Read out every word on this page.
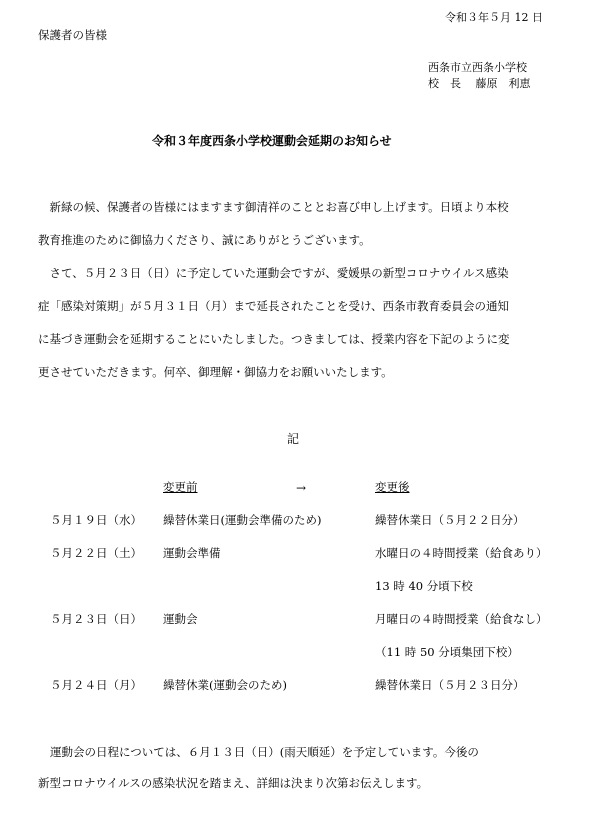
令和３年５月 12 日
保護者の皆様
西条市立西条小学校
校　長　 藤原　利恵
令和３年度西条小学校運動会延期のお知らせ
　新緑の候、保護者の皆様にはますます御清祥のこととお喜び申し上げます。日頃より本校
教育推進のために御協力くださり、誠にありがとうございます。
　さて、５月２３日（日）に予定していた運動会ですが、愛媛県の新型コロナウイルス感染
症「感染対策期」が５月３１日（月）まで延長されたことを受け、西条市教育委員会の通知
に基づき運動会を延期することにいたしました。つきましては、授業内容を下記のように変
更させていただきます。何卒、御理解・御協力をお願いいたします。
記
変更前	→	変更後
５月１９日（水） 繰替休業日(運動会準備のため)	繰替休業日（５月２２日分）
５月２２日（土） 運動会準備	水曜日の４時間授業（給食あり）
13 時 40 分頃下校
５月２３日（日） 運動会	月曜日の４時間授業（給食なし）
（11 時 50 分頃集団下校）
５月２４日（月） 繰替休業(運動会のため)	繰替休業日（５月２３日分）
運動会の日程については、６月１３日（日）(雨天順延）を予定しています。今後の
新型コロナウイルスの感染状況を踏まえ、詳細は決まり次第お伝えします。
